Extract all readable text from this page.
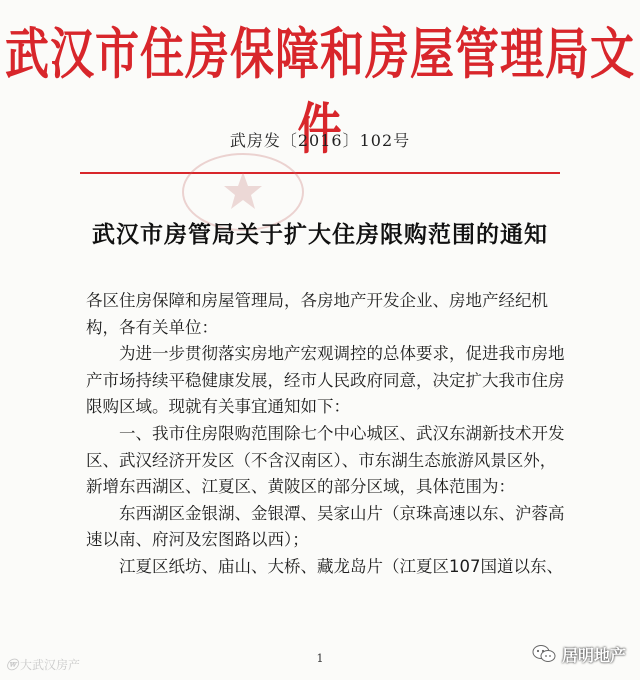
武汉市住房保障和房屋管理局文件
武房发〔2016〕102号
武汉市房管局关于扩大住房限购范围的通知

各区住房保障和房屋管理局，各房地产开发企业、房地产经纪机

构，各有关单位：

为进一步贯彻落实房地产宏观调控的总体要求，促进我市房地产市场持续平稳健康发展，经市人民政府同意，决定扩大我市住房限购区域。现就有关事宜通知如下：

一、我市住房限购范围除七个中心城区、武汉东湖新技术开发区、武汉经济开发区（不含汉南区）、市东湖生态旅游风景区外，新增东西湖区、江夏区、黄陂区的部分区域，具体范围为：

东西湖区金银湖、金银潭、吴家山片（京珠高速以东、沪蓉高速以南、府河及宏图路以西）；

江夏区纸坊、庙山、大桥、藏龙岛片（江夏区107国道以东、

1
ⓦ 大武汉房产
居明地产
